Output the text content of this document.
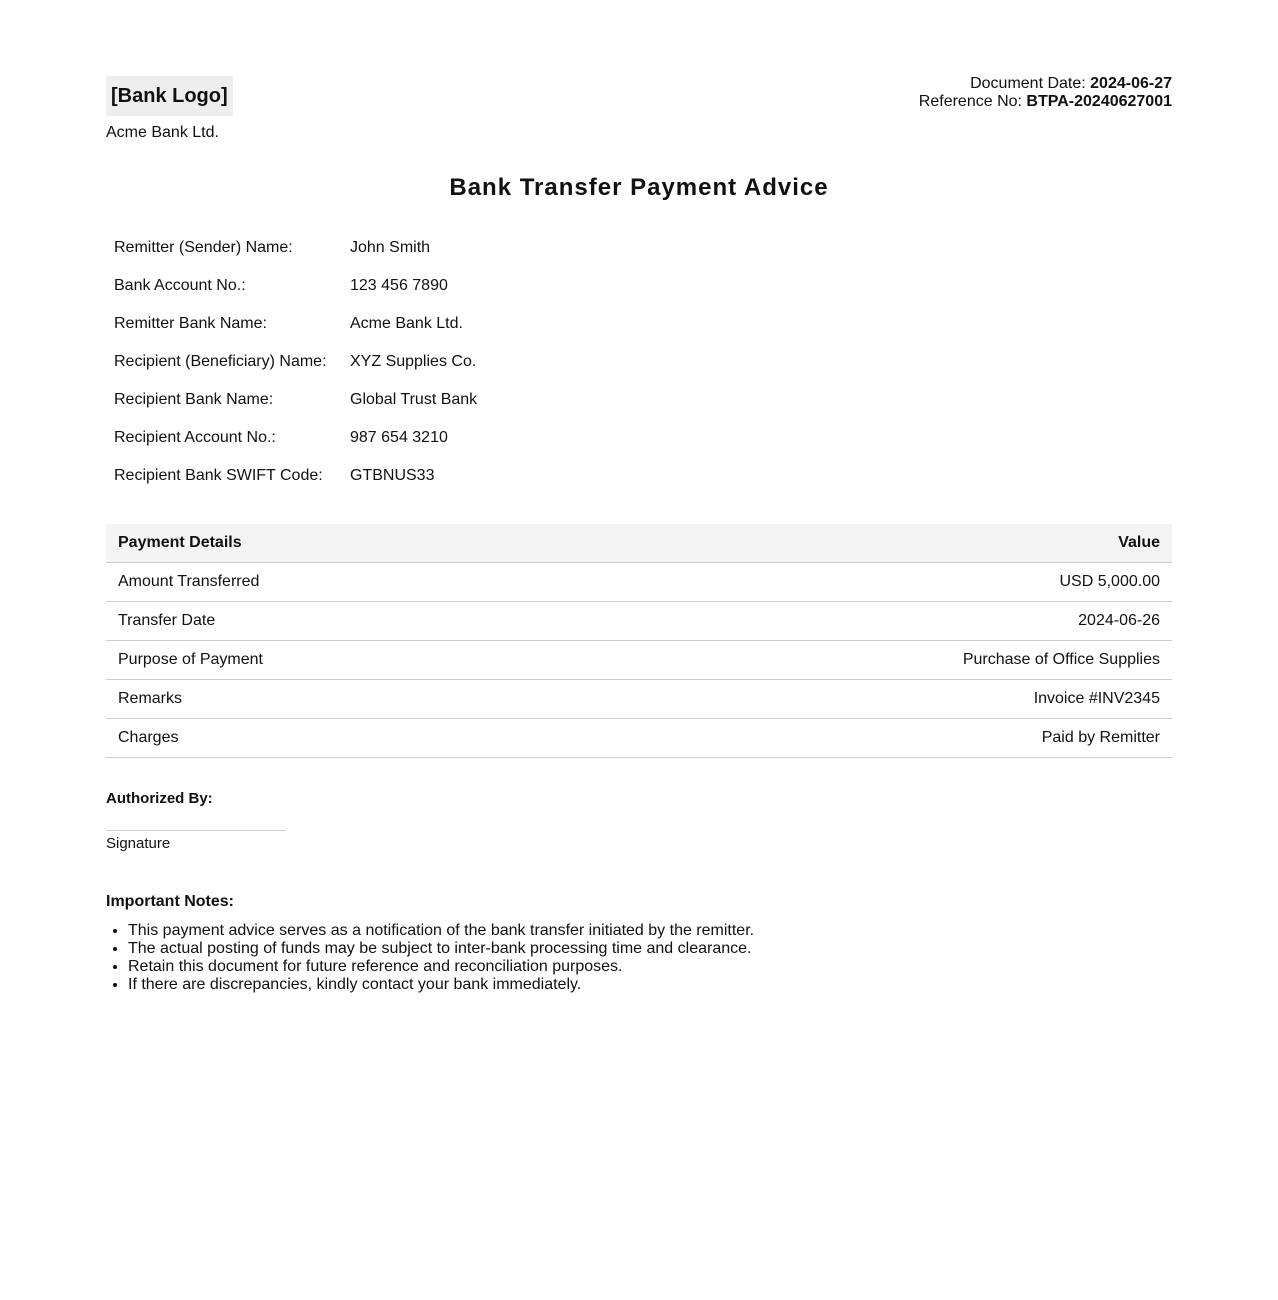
[Bank Logo]
Acme Bank Ltd.
Document Date: 2024-06-27
Reference No: BTPA-20240627001
Bank Transfer Payment Advice
Remitter (Sender) Name:	John Smith
Bank Account No.:	123 456 7890
Remitter Bank Name:	Acme Bank Ltd.
Recipient (Beneficiary) Name:	XYZ Supplies Co.
Recipient Bank Name:	Global Trust Bank
Recipient Account No.:	987 654 3210
Recipient Bank SWIFT Code:	GTBNUS33
Payment Details	Value
Amount Transferred	USD 5,000.00
Transfer Date	2024-06-26
Purpose of Payment	Purchase of Office Supplies
Remarks	Invoice #INV2345
Charges	Paid by Remitter
Authorized By:
Signature
Important Notes:
• This payment advice serves as a notification of the bank transfer initiated by the remitter.
• The actual posting of funds may be subject to inter-bank processing time and clearance.
• Retain this document for future reference and reconciliation purposes.
• If there are discrepancies, kindly contact your bank immediately.
